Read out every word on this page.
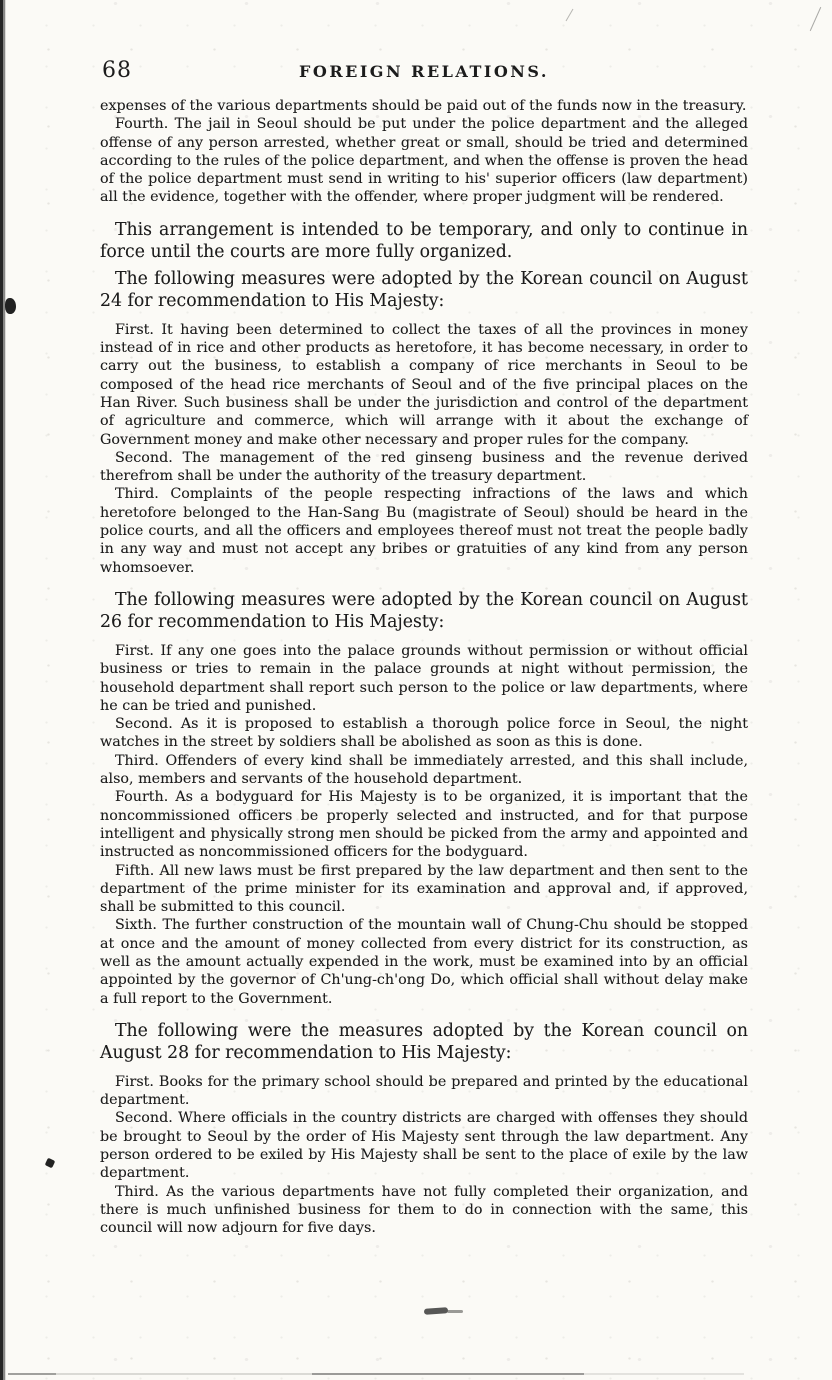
68	FOREIGN RELATIONS.

expenses of the various departments should be paid out of the funds now in the treasury.

Fourth. The jail in Seoul should be put under the police department and the alleged offense of any person arrested, whether great or small, should be tried and determined according to the rules of the police department, and when the offense is proven the head of the police department must send in writing to his' superior officers (law department) all the evidence, together with the offender, where proper judgment will be rendered.

This arrangement is intended to be temporary, and only to continue in force until the courts are more fully organized.

The following measures were adopted by the Korean council on August 24 for recommendation to His Majesty:

First. It having been determined to collect the taxes of all the provinces in money instead of in rice and other products as heretofore, it has become necessary, in order to carry out the business, to establish a company of rice merchants in Seoul to be composed of the head rice merchants of Seoul and of the five principal places on the Han River. Such business shall be under the jurisdiction and control of the department of agriculture and commerce, which will arrange with it about the exchange of Government money and make other necessary and proper rules for the company.

Second. The management of the red ginseng business and the revenue derived therefrom shall be under the authority of the treasury department.

Third. Complaints of the people respecting infractions of the laws and which heretofore belonged to the Han-Sang Bu (magistrate of Seoul) should be heard in the police courts, and all the officers and employees thereof must not treat the people badly in any way and must not accept any bribes or gratuities of any kind from any person whomsoever.

The following measures were adopted by the Korean council on August 26 for recommendation to His Majesty:

First. If any one goes into the palace grounds without permission or without official business or tries to remain in the palace grounds at night without permission, the household department shall report such person to the police or law departments, where he can be tried and punished.

Second. As it is proposed to establish a thorough police force in Seoul, the night watches in the street by soldiers shall be abolished as soon as this is done.

Third. Offenders of every kind shall be immediately arrested, and this shall include, also, members and servants of the household department.

Fourth. As a bodyguard for His Majesty is to be organized, it is important that the noncommissioned officers be properly selected and instructed, and for that purpose intelligent and physically strong men should be picked from the army and appointed and instructed as noncommissioned officers for the bodyguard.

Fifth. All new laws must be first prepared by the law department and then sent to the department of the prime minister for its examination and approval and, if approved, shall be submitted to this council.

Sixth. The further construction of the mountain wall of Chung-Chu should be stopped at once and the amount of money collected from every district for its construction, as well as the amount actually expended in the work, must be examined into by an official appointed by the governor of Ch'ung-ch'ong Do, which official shall without delay make a full report to the Government.

The following were the measures adopted by the Korean council on August 28 for recommendation to His Majesty:

First. Books for the primary school should be prepared and printed by the educational department.

Second. Where officials in the country districts are charged with offenses they should be brought to Seoul by the order of His Majesty sent through the law department. Any person ordered to be exiled by His Majesty shall be sent to the place of exile by the law department.

Third. As the various departments have not fully completed their organization, and there is much unfinished business for them to do in connection with the same, this council will now adjourn for five days.
